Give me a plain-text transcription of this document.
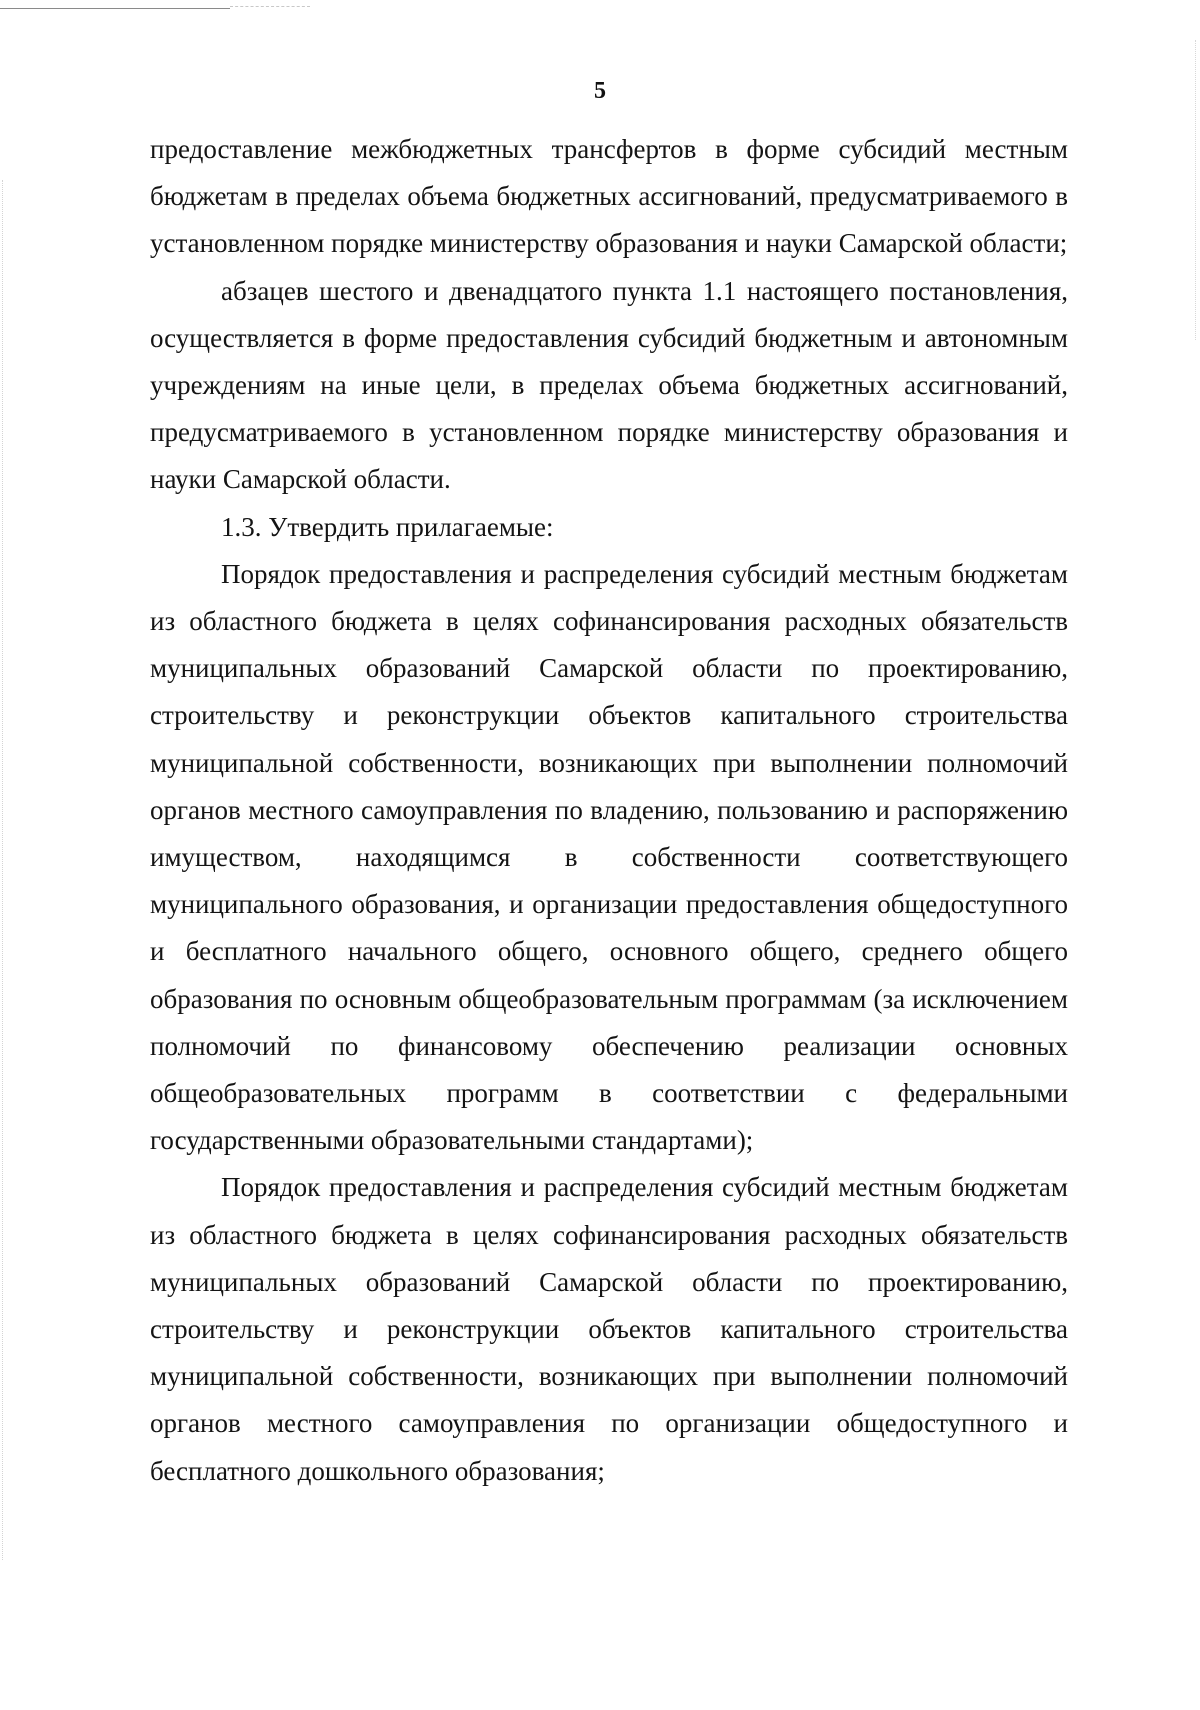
5

предоставление межбюджетных трансфертов в форме субсидий местным бюджетам в пределах объема бюджетных ассигнований, предусматриваемого в установленном порядке министерству образования и науки Самарской области;

абзацев шестого и двенадцатого пункта 1.1 настоящего постановления, осуществляется в форме предоставления субсидий бюджетным и автономным учреждениям на иные цели, в пределах объема бюджетных ассигнований, предусматриваемого в установленном порядке министерству образования и науки Самарской области.

1.3. Утвердить прилагаемые:

Порядок предоставления и распределения субсидий местным бюджетам из областного бюджета в целях софинансирования расходных обязательств муниципальных образований Самарской области по проектированию, строительству и реконструкции объектов капитального строительства муниципальной собственности, возникающих при выполнении полномочий органов местного самоуправления по владению, пользованию и распоряжению имуществом, находящимся в собственности соответствующего муниципального образования, и организации предоставления общедоступного и бесплатного начального общего, основного общего, среднего общего образования по основным общеобразовательным программам (за исключением полномочий по финансовому обеспечению реализации основных общеобразовательных программ в соответствии с федеральными государственными образовательными стандартами);

Порядок предоставления и распределения субсидий местным бюджетам из областного бюджета в целях софинансирования расходных обязательств муниципальных образований Самарской области по проектированию, строительству и реконструкции объектов капитального строительства муниципальной собственности, возникающих при выполнении полномочий органов местного самоуправления по организации общедоступного и бесплатного дошкольного образования;
